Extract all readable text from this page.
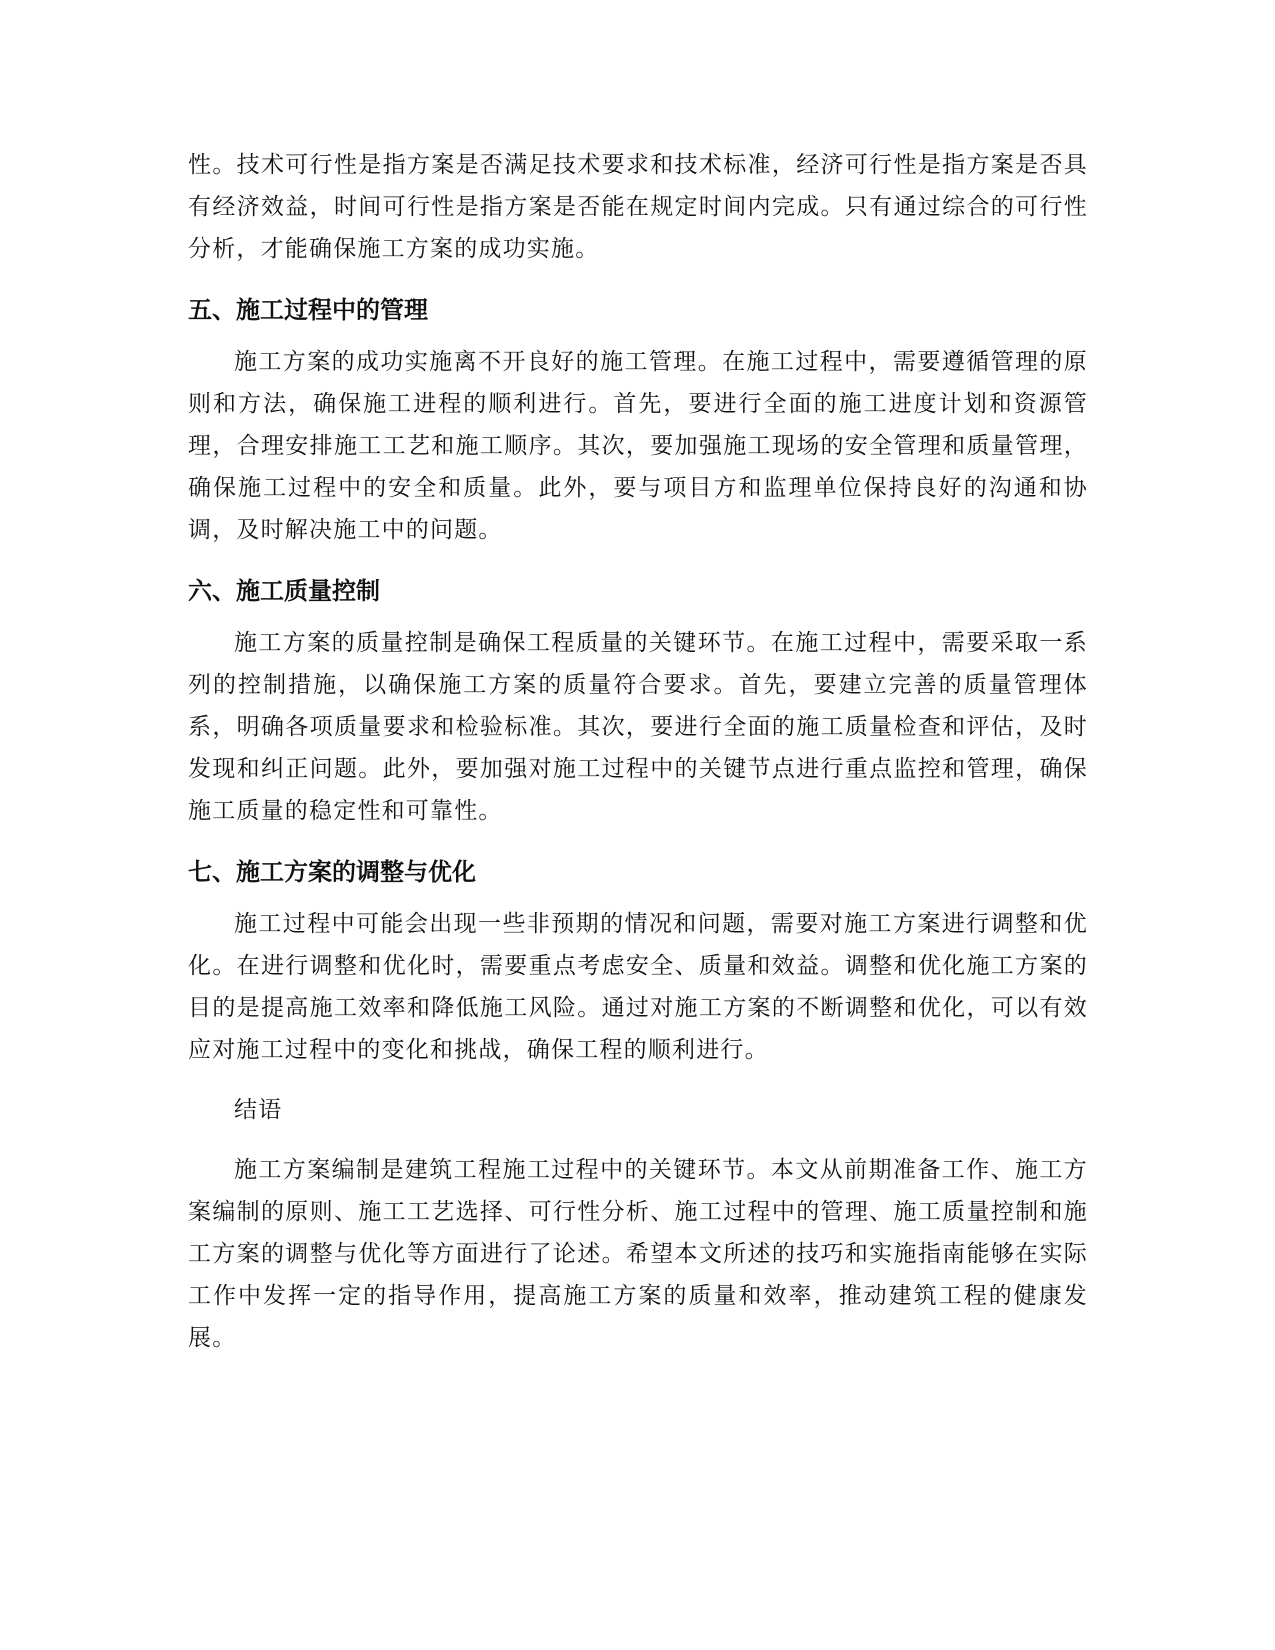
性。技术可行性是指方案是否满足技术要求和技术标准，经济可行性是指方案是否具有经济效益，时间可行性是指方案是否能在规定时间内完成。只有通过综合的可行性分析，才能确保施工方案的成功实施。

五、施工过程中的管理

施工方案的成功实施离不开良好的施工管理。在施工过程中，需要遵循管理的原则和方法，确保施工进程的顺利进行。首先，要进行全面的施工进度计划和资源管理，合理安排施工工艺和施工顺序。其次，要加强施工现场的安全管理和质量管理，确保施工过程中的安全和质量。此外，要与项目方和监理单位保持良好的沟通和协调，及时解决施工中的问题。

六、施工质量控制

施工方案的质量控制是确保工程质量的关键环节。在施工过程中，需要采取一系列的控制措施，以确保施工方案的质量符合要求。首先，要建立完善的质量管理体系，明确各项质量要求和检验标准。其次，要进行全面的施工质量检查和评估，及时发现和纠正问题。此外，要加强对施工过程中的关键节点进行重点监控和管理，确保施工质量的稳定性和可靠性。

七、施工方案的调整与优化

施工过程中可能会出现一些非预期的情况和问题，需要对施工方案进行调整和优化。在进行调整和优化时，需要重点考虑安全、质量和效益。调整和优化施工方案的目的是提高施工效率和降低施工风险。通过对施工方案的不断调整和优化，可以有效应对施工过程中的变化和挑战，确保工程的顺利进行。

结语

施工方案编制是建筑工程施工过程中的关键环节。本文从前期准备工作、施工方案编制的原则、施工工艺选择、可行性分析、施工过程中的管理、施工质量控制和施工方案的调整与优化等方面进行了论述。希望本文所述的技巧和实施指南能够在实际工作中发挥一定的指导作用，提高施工方案的质量和效率，推动建筑工程的健康发展。
